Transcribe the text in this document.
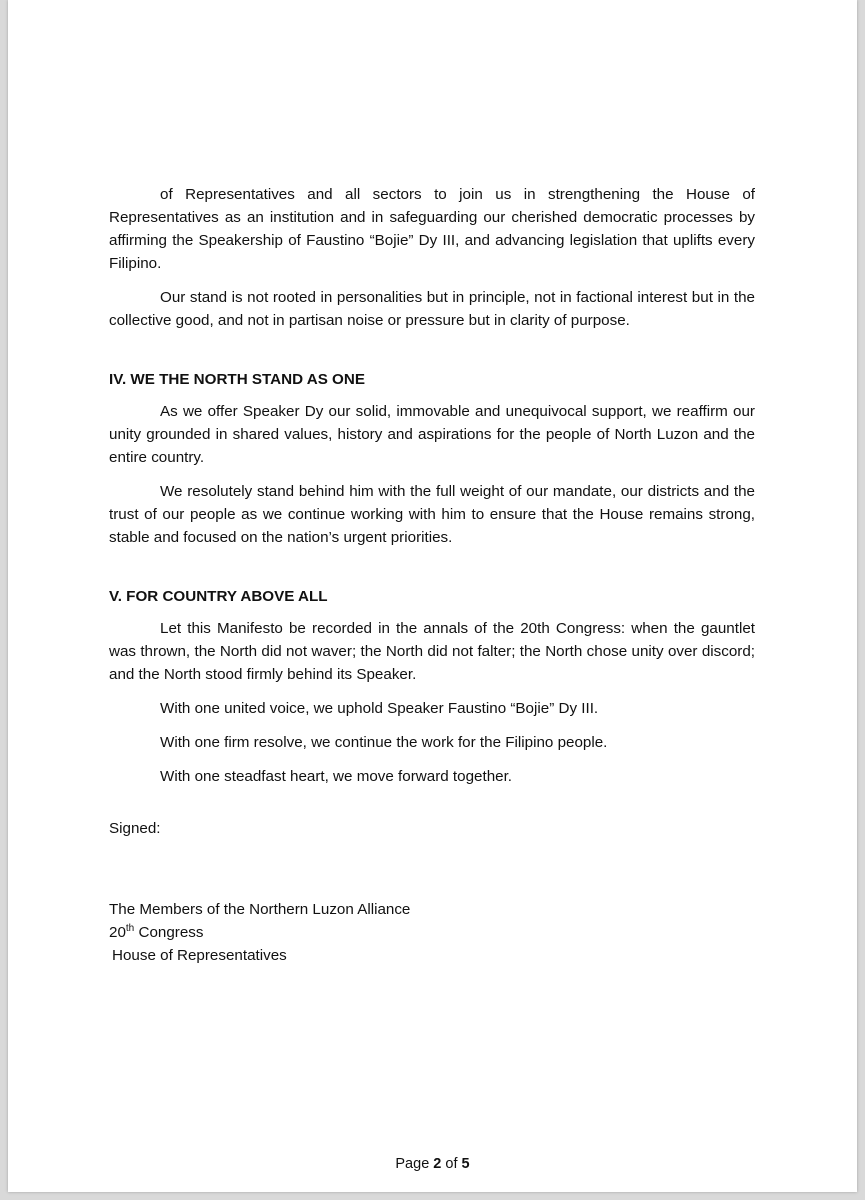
of Representatives and all sectors to join us in strengthening the House of Representatives as an institution and in safeguarding our cherished democratic processes by affirming the Speakership of Faustino “Bojie” Dy III, and advancing legislation that uplifts every Filipino.

Our stand is not rooted in personalities but in principle, not in factional interest but in the collective good, and not in partisan noise or pressure but in clarity of purpose.

IV. WE THE NORTH STAND AS ONE

As we offer Speaker Dy our solid, immovable and unequivocal support, we reaffirm our unity grounded in shared values, history and aspirations for the people of North Luzon and the entire country.

We resolutely stand behind him with the full weight of our mandate, our districts and the trust of our people as we continue working with him to ensure that the House remains strong, stable and focused on the nation’s urgent priorities.

V. FOR COUNTRY ABOVE ALL

Let this Manifesto be recorded in the annals of the 20th Congress: when the gauntlet was thrown, the North did not waver; the North did not falter; the North chose unity over discord; and the North stood firmly behind its Speaker.

With one united voice, we uphold Speaker Faustino “Bojie” Dy III.

With one firm resolve, we continue the work for the Filipino people.

With one steadfast heart, we move forward together.

Signed:

The Members of the Northern Luzon Alliance

20th Congress

House of Representatives

Page 2 of 5
